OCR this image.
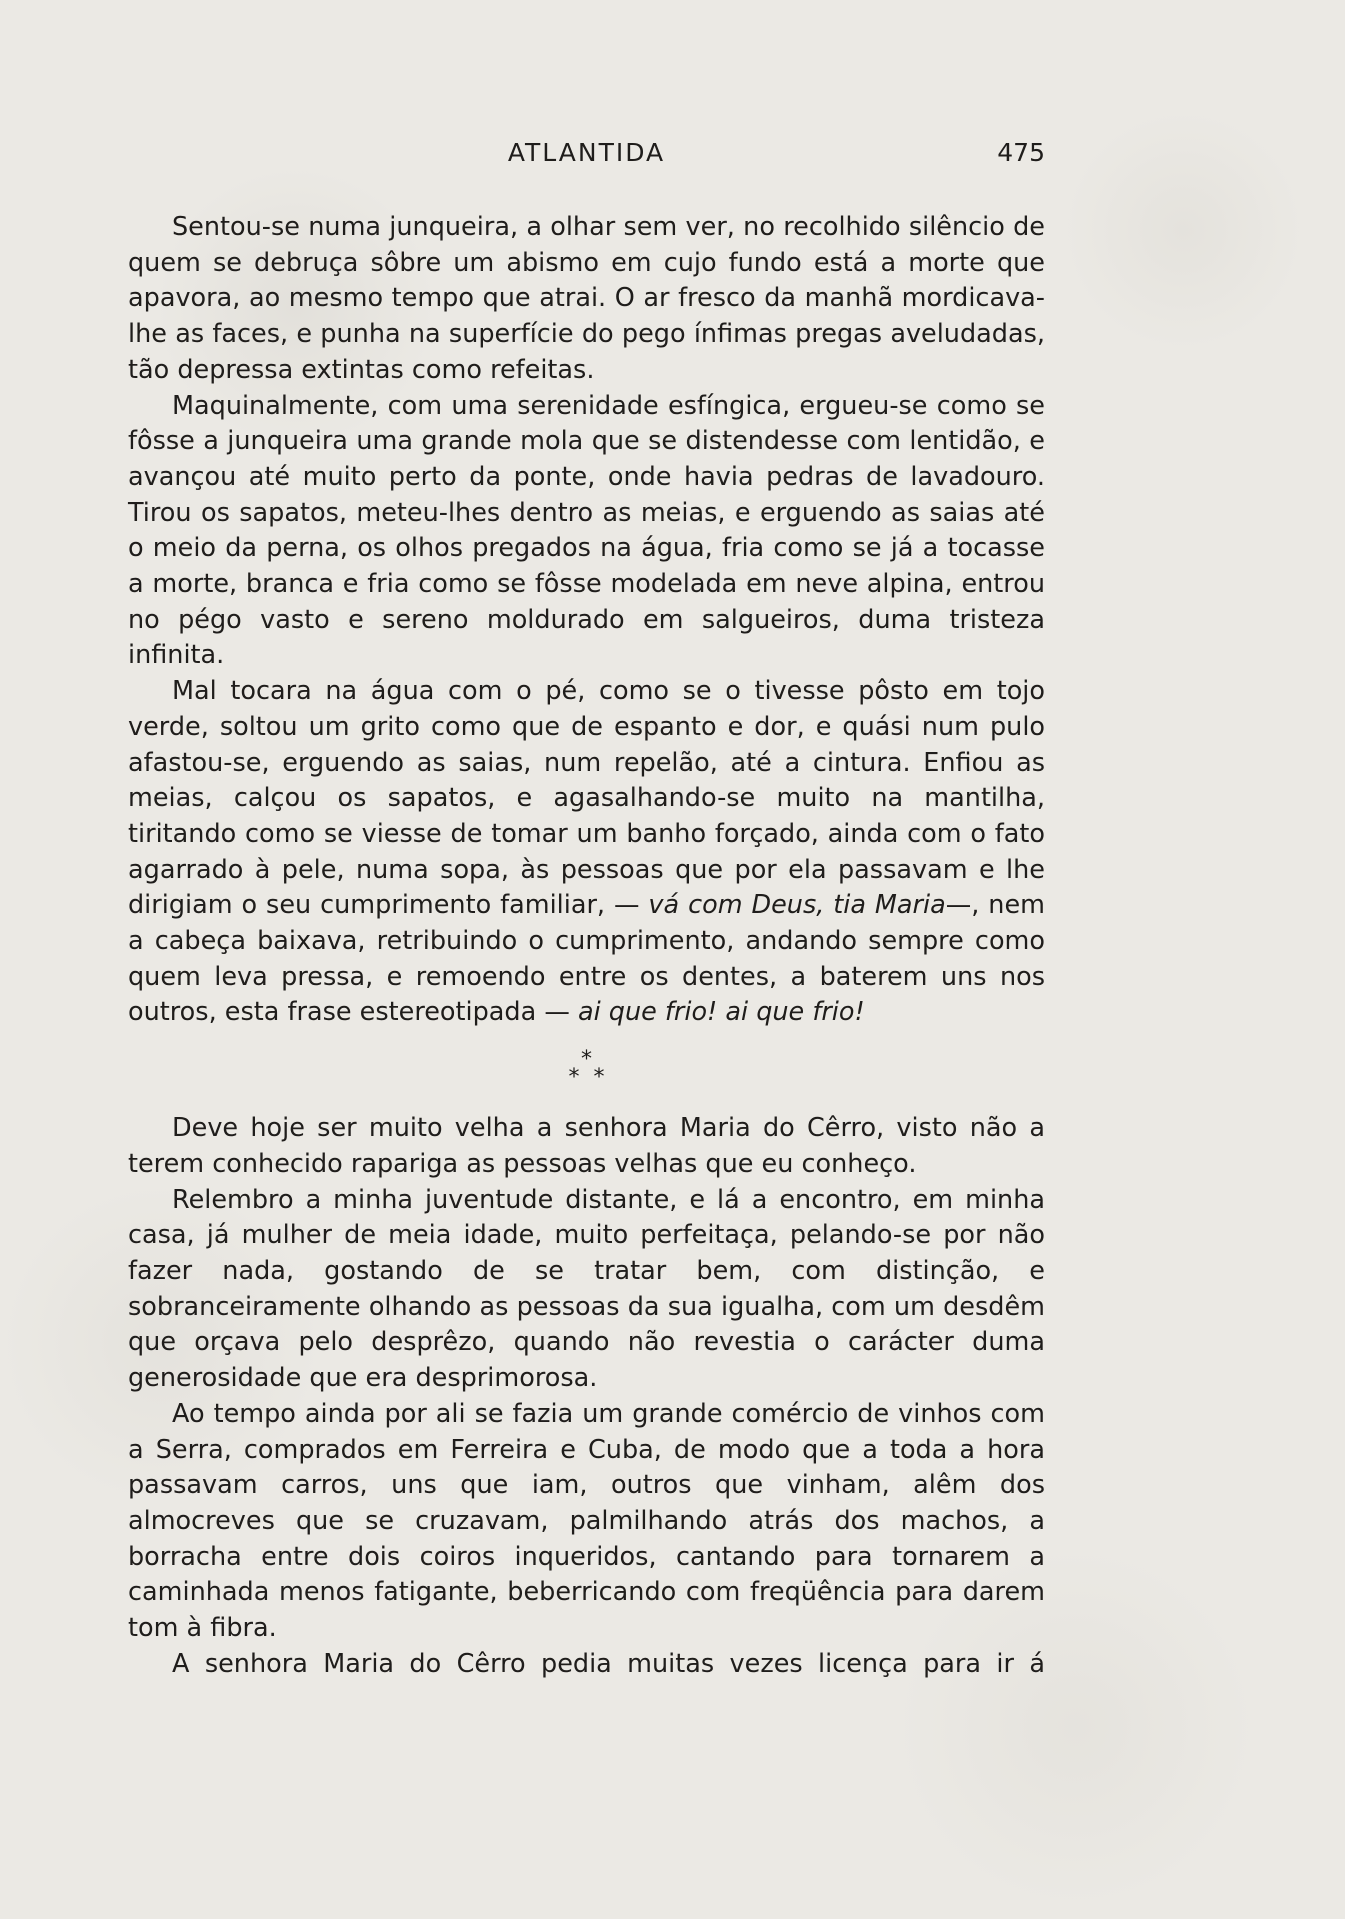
ATLANTIDA	475

Sentou-se numa junqueira, a olhar sem ver, no recolhido silêncio de quem se debruça sôbre um abismo em cujo fundo está a morte que apavora, ao mesmo tempo que atrai. O ar fresco da manhã mordicava-lhe as faces, e punha na superfície do pego ínfimas pregas aveludadas, tão depressa extintas como refeitas.

Maquinalmente, com uma serenidade esfíngica, ergueu-se como se fôsse a junqueira uma grande mola que se distendesse com lentidão, e avançou até muito perto da ponte, onde havia pedras de lavadouro. Tirou os sapatos, meteu-lhes dentro as meias, e erguendo as saias até o meio da perna, os olhos pregados na água, fria como se já a tocasse a morte, branca e fria como se fôsse modelada em neve alpina, entrou no pégo vasto e sereno moldurado em salgueiros, duma tristeza infinita.

Mal tocara na água com o pé, como se o tivesse pôsto em tojo verde, soltou um grito como que de espanto e dor, e quási num pulo afastou-se, erguendo as saias, num repelão, até a cintura. Enfiou as meias, calçou os sapatos, e agasalhando-se muito na mantilha, tiritando como se viesse de tomar um banho forçado, ainda com o fato agarrado à pele, numa sopa, às pessoas que por ela passavam e lhe dirigiam o seu cumprimento familiar, — vá com Deus, tia Maria—, nem a cabeça baixava, retribuindo o cumprimento, andando sempre como quem leva pressa, e remoendo entre os dentes, a baterem uns nos outros, esta frase estereotipada — ai que frio! ai que frio!

*
**

Deve hoje ser muito velha a senhora Maria do Cêrro, visto não a terem conhecido rapariga as pessoas velhas que eu conheço.

Relembro a minha juventude distante, e lá a encontro, em minha casa, já mulher de meia idade, muito perfeitaça, pelando-se por não fazer nada, gostando de se tratar bem, com distinção, e sobranceiramente olhando as pessoas da sua igualha, com um desdêm que orçava pelo desprêzo, quando não revestia o carácter duma generosidade que era desprimorosa.

Ao tempo ainda por ali se fazia um grande comércio de vinhos com a Serra, comprados em Ferreira e Cuba, de modo que a toda a hora passavam carros, uns que iam, outros que vinham, alêm dos almocreves que se cruzavam, palmilhando atrás dos machos, a borracha entre dois coiros inqueridos, cantando para tornarem a caminhada menos fatigante, beberricando com freqüência para darem tom à fibra.

A senhora Maria do Cêrro pedia muitas vezes licença para ir á
